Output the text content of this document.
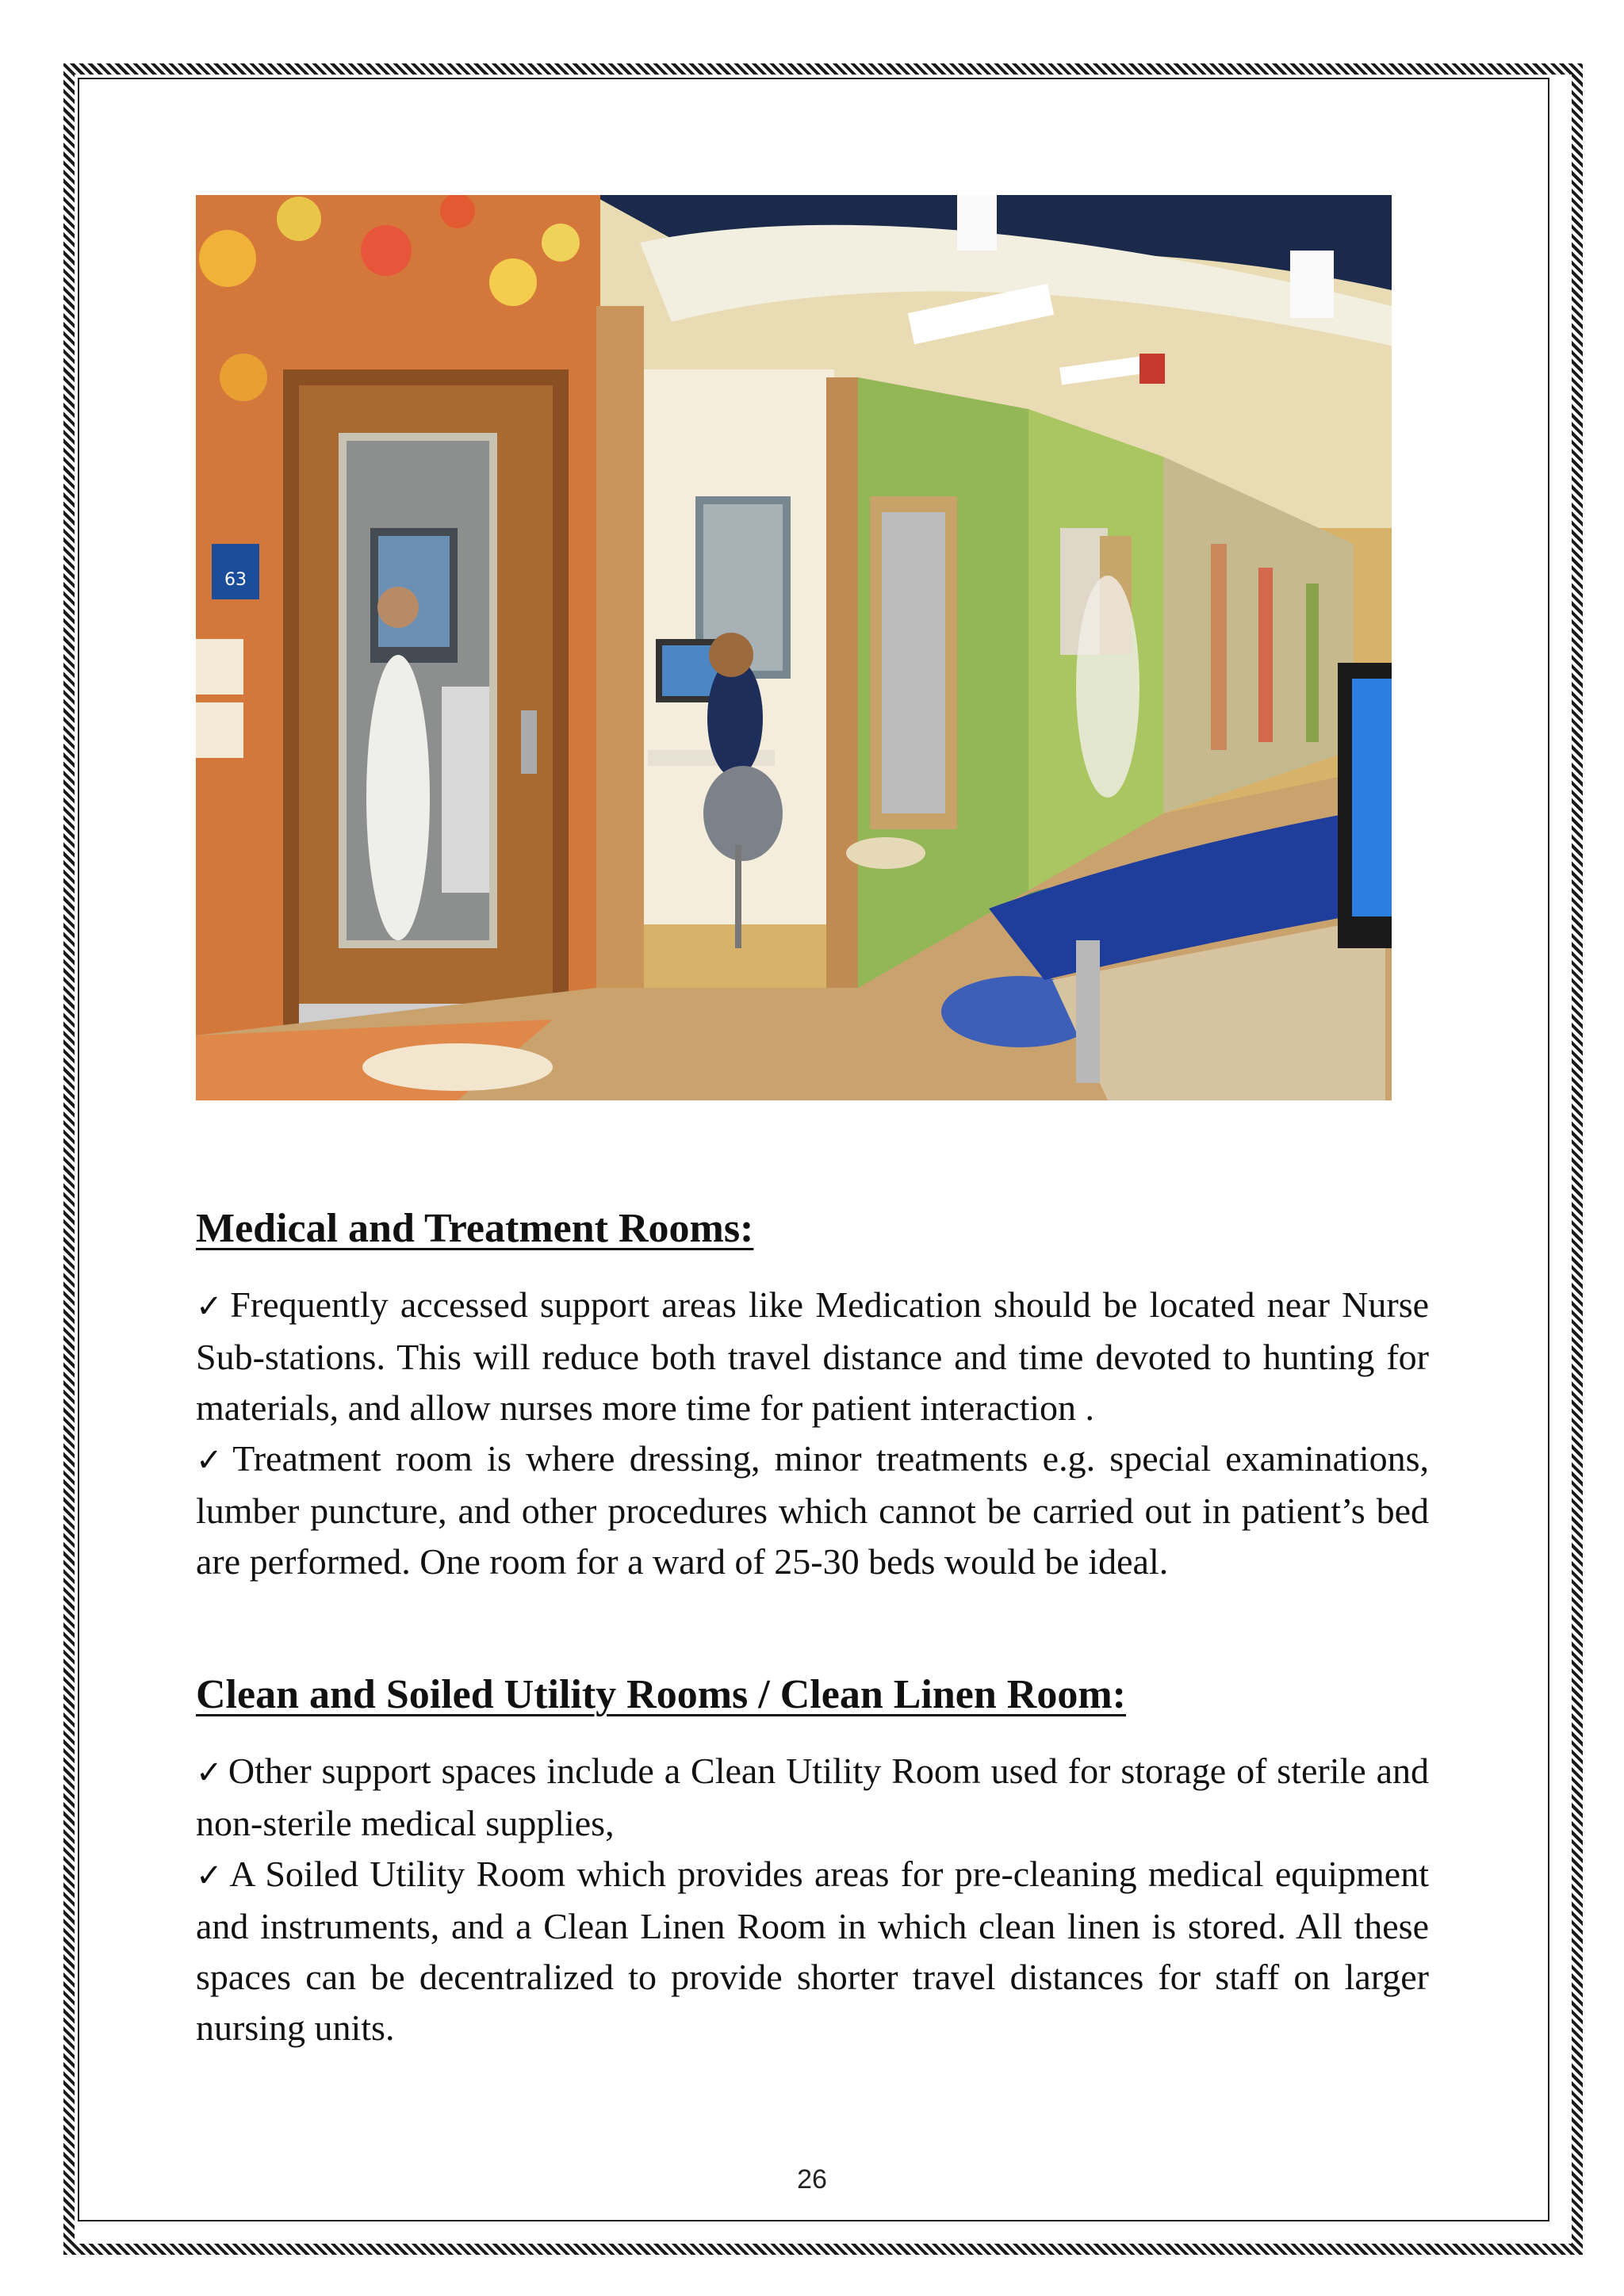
63
Medical and Treatment Rooms:

✓ Frequently accessed support areas like Medication should be located near Nurse Sub-stations. This will reduce both travel distance and time devoted to hunting for materials, and allow nurses more time for patient interaction .

✓ Treatment room is where dressing, minor treatments e.g. special examinations, lumber puncture, and other procedures which cannot be carried out in patient’s bed are performed. One room for a ward of 25-30 beds would be ideal.

Clean and Soiled Utility Rooms / Clean Linen Room:

✓ Other support spaces include a Clean Utility Room used for storage of sterile and non-sterile medical supplies,

✓ A Soiled Utility Room which provides areas for pre-cleaning medical equipment and instruments, and a Clean Linen Room in which clean linen is stored. All these spaces can be decentralized to provide shorter travel distances for staff on larger nursing units.

26
